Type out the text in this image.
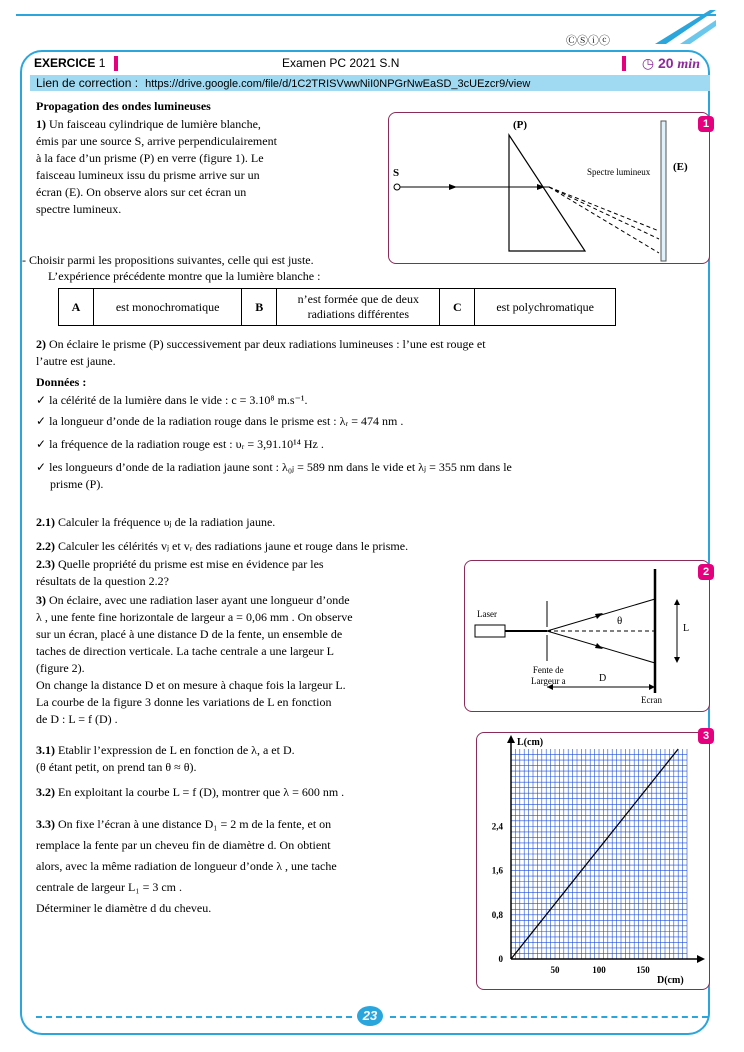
ⒸⓈⓘⓒ
EXERCICE 1	Examen PC 2021 S.N	◷ 20 min
Lien de correction : https://drive.google.com/file/d/1C2TRISVwwNiI0NPGrNwEaSD_3cUEzcr9/view
Propagation des ondes lumineuses
1) Un faisceau cylindrique de lumière blanche,
émis par une source S, arrive perpendiculairement
à la face d’un prisme (P) en verre (figure 1). Le
faisceau lumineux issu du prisme arrive sur un
écran (E). On observe alors sur cet écran un
spectre lumineux.
- Choisir parmi les propositions suivantes, celle qui est juste.
L’expérience précédente montre que la lumière blanche :
A	est monochromatique	B	n’est formée que de deux radiations différentes	C	est polychromatique
(P)
S	Spectre lumineux (E)
1
2) On éclaire le prisme (P) successivement par deux radiations lumineuses : l’une est rouge et
l’autre est jaune.
Données :
✓ la célérité de la lumière dans le vide : c = 3.10⁸ m.s⁻¹.
✓ la longueur d’onde de la radiation rouge dans le prisme est : λᵣ = 474 nm .
✓ la fréquence de la radiation rouge est : υᵣ = 3,91.10¹⁴ Hz .
✓ les longueurs d’onde de la radiation jaune sont : λ₀ⱼ = 589 nm dans le vide et λⱼ = 355 nm dans le
prisme (P).
2.1) Calculer la fréquence υⱼ de la radiation jaune.
2.2) Calculer les célérités vⱼ et vᵣ des radiations jaune et rouge dans le prisme.
2.3) Quelle propriété du prisme est mise en évidence par les
résultats de la question 2.2?
3) On éclaire, avec une radiation laser ayant une longueur d’onde
λ , une fente fine horizontale de largeur a = 0,06 mm . On observe
sur un écran, placé à une distance D de la fente, un ensemble de
taches de direction verticale. La tache centrale a une largeur L
(figure 2).
On change la distance D et on mesure à chaque fois la largeur L.
La courbe de la figure 3 donne les variations de L en fonction
de D : L = f (D) .
3.1) Etablir l’expression de L en fonction de λ, a et D.
(θ étant petit, on prend tan θ ≈ θ).
3.2) En exploitant la courbe L = f (D), montrer que λ = 600 nm .
3.3) On fixe l’écran à une distance D₁ = 2 m de la fente, et on
remplace la fente par un cheveu fin de diamètre d. On obtient
alors, avec la même radiation de longueur d’onde λ , une tache
centrale de largeur L₁ = 3 cm .
Déterminer le diamètre d du cheveu.
Laser
θ
L
Fente de
Largeur a	D
Ecran
2
50	100	150
0
0,8
1,6
2,4
L(cm)
D(cm)
3
23
